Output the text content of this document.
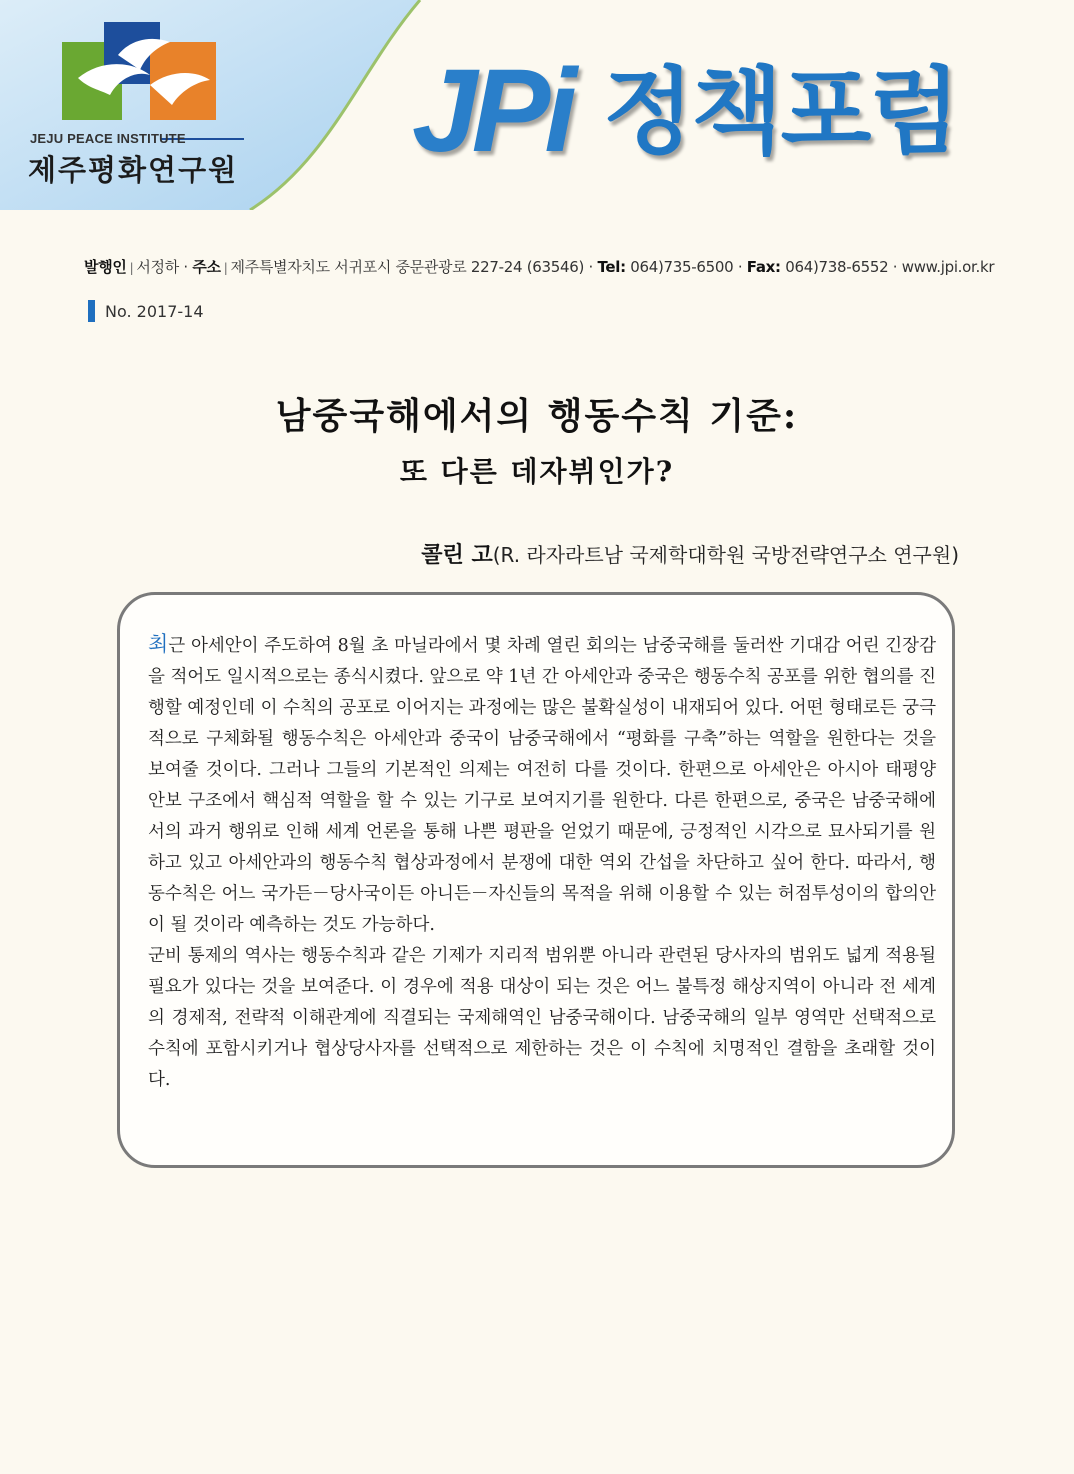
JEJU PEACE INSTITUTE
제주평화연구원 JPi 정책포럼
발행인 | 서정하 · 주소 | 제주특별자치도 서귀포시 중문관광로 227-24 (63546) · Tel: 064)735-6500 · Fax: 064)738-6552 · www.jpi.or.kr
No. 2017-14
남중국해에서의 행동수칙 기준:
또 다른 데자뷔인가?
콜린 고(R. 라자라트남 국제학대학원 국방전략연구소 연구원)

최근 아세안이 주도하여 8월 초 마닐라에서 몇 차례 열린 회의는 남중국해를 둘러싼 기대감 어린 긴장감을 적어도 일시적으로는 종식시켰다. 앞으로 약 1년 간 아세안과 중국은 행동수칙 공포를 위한 협의를 진행할 예정인데 이 수칙의 공포로 이어지는 과정에는 많은 불확실성이 내재되어 있다. 어떤 형태로든 궁극적으로 구체화될 행동수칙은 아세안과 중국이 남중국해에서 “평화를 구축”하는 역할을 원한다는 것을 보여줄 것이다. 그러나 그들의 기본적인 의제는 여전히 다를 것이다. 한편으로 아세안은 아시아 태평양 안보 구조에서 핵심적 역할을 할 수 있는 기구로 보여지기를 원한다. 다른 한편으로, 중국은 남중국해에서의 과거 행위로 인해 세계 언론을 통해 나쁜 평판을 얻었기 때문에, 긍정적인 시각으로 묘사되기를 원하고 있고 아세안과의 행동수칙 협상과정에서 분쟁에 대한 역외 간섭을 차단하고 싶어 한다. 따라서, 행동수칙은 어느 국가든－당사국이든 아니든－자신들의 목적을 위해 이용할 수 있는 허점투성이의 합의안이 될 것이라 예측하는 것도 가능하다.

군비 통제의 역사는 행동수칙과 같은 기제가 지리적 범위뿐 아니라 관련된 당사자의 범위도 넓게 적용될 필요가 있다는 것을 보여준다. 이 경우에 적용 대상이 되는 것은 어느 불특정 해상지역이 아니라 전 세계의 경제적, 전략적 이해관계에 직결되는 국제해역인 남중국해이다. 남중국해의 일부 영역만 선택적으로 수칙에 포함시키거나 협상당사자를 선택적으로 제한하는 것은 이 수칙에 치명적인 결함을 초래할 것이다.
